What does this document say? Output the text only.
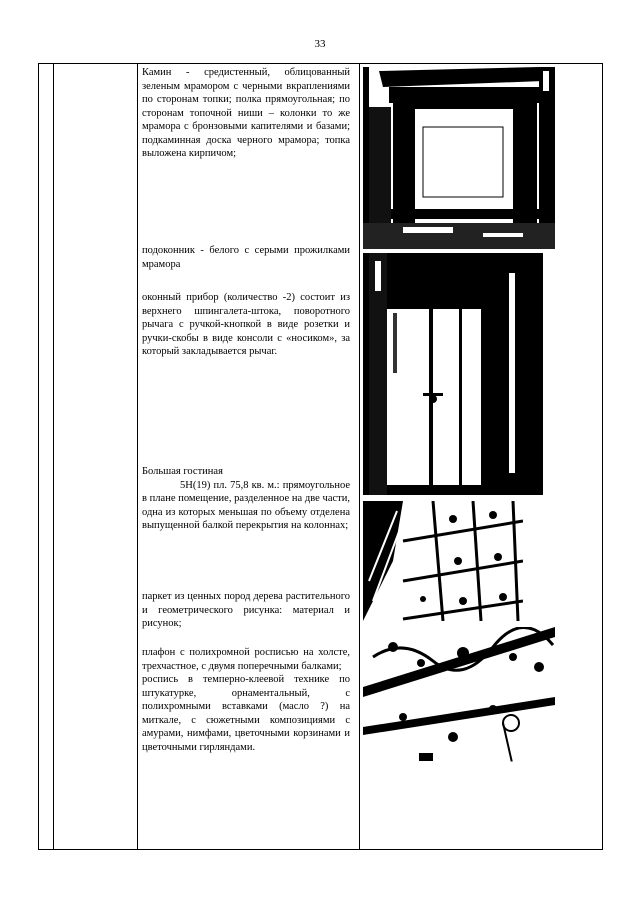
33

Камин - средистенный, облицованный зеленым мрамором с черными вкраплениями по сторонам топки; полка прямоугольная; по сторонам топочной ниши – колонки то же мрамора с бронзовыми капителями и базами; подкаминная доска черного мрамора; топка выложена кирпичом;

подоконник - белого с серыми прожилками мрамора

оконный прибор (количество -2) состоит из верхнего шпингалета-штока, поворотного рычага с ручкой-кнопкой в виде розетки и ручки-скобы в виде консоли с «носиком», за который закладывается рычаг.

Большая гостиная

5Н(19) пл. 75,8 кв. м.: прямоугольное в плане помещение, разделенное на две части, одна из которых меньшая по объему отделена выпущенной балкой перекрытия на колоннах;

паркет из ценных пород дерева растительного и геометрического рисунка: материал и рисунок;

плафон с полихромной росписью на холсте, трехчастное, с двумя поперечными балками;

роспись в темперно-клеевой технике по штукатурке, орнаментальный, с полихромными вставками (масло ?) на миткале, с сюжетными композициями с амурами, нимфами, цветочными корзинами и цветочными гирляндами.
